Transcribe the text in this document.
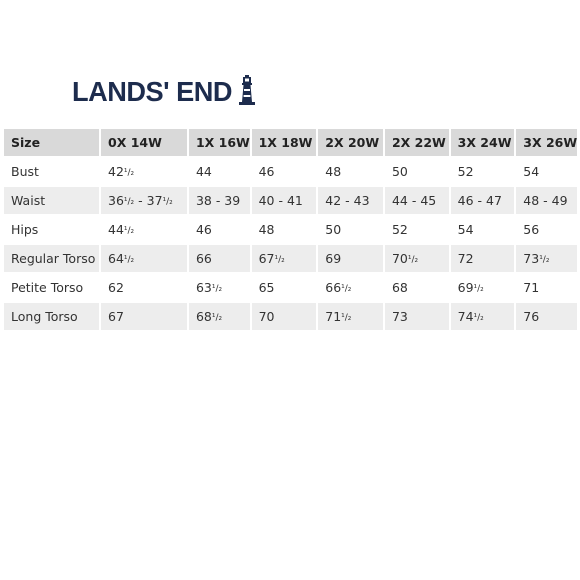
LANDS' END
Size	0X 14W	1X 16W	1X 18W	2X 20W	2X 22W	3X 24W	3X 26W
Bust	42¹/₂	44	46	48	50	52	54
Waist	36¹/₂ - 37¹/₂	38 - 39	40 - 41	42 - 43	44 - 45	46 - 47	48 - 49
Hips	44¹/₂	46	48	50	52	54	56
Regular Torso	64¹/₂	66	67¹/₂	69	70¹/₂	72	73¹/₂
Petite Torso	62	63¹/₂	65	66¹/₂	68	69¹/₂	71
Long Torso	67	68¹/₂	70	71¹/₂	73	74¹/₂	76
